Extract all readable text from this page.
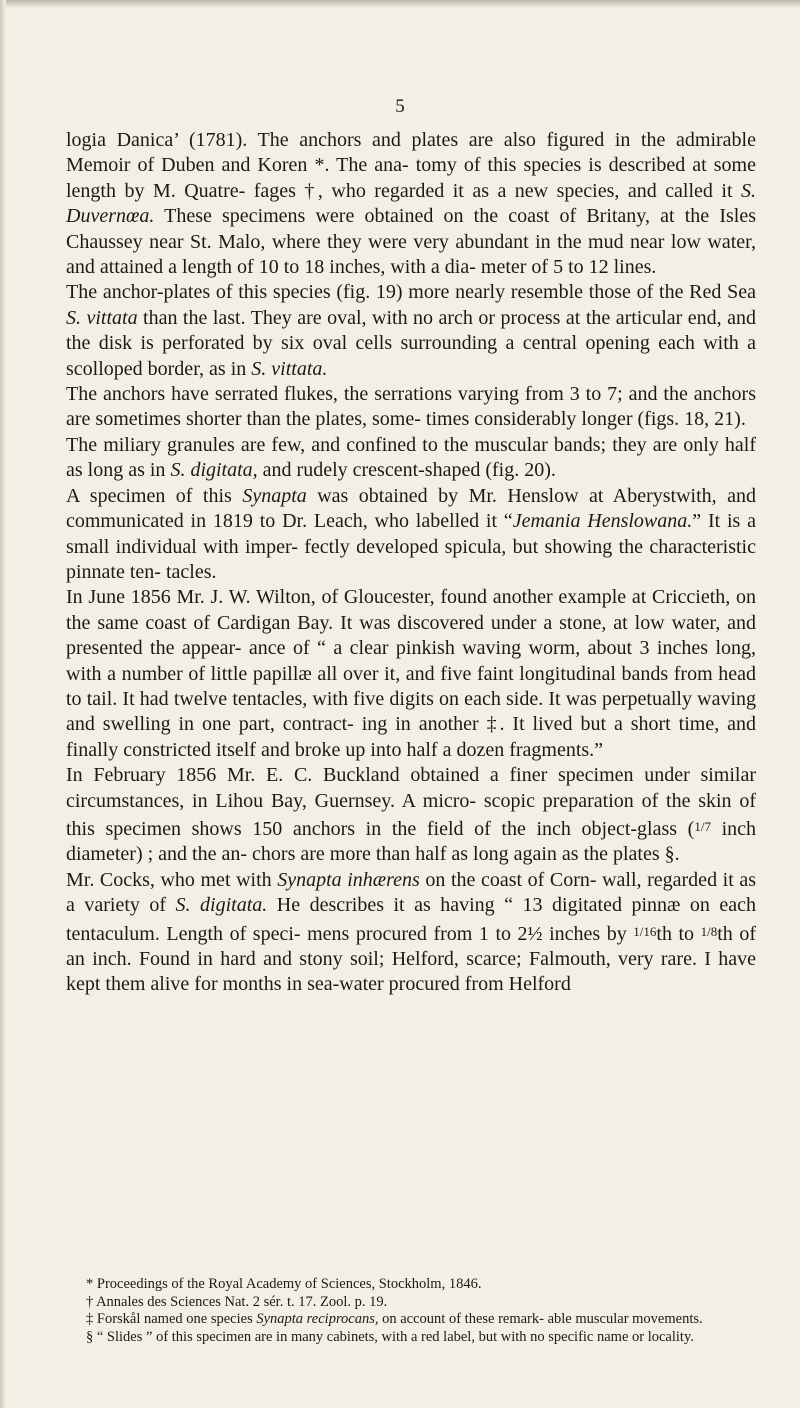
5

logia Danica’ (1781). The anchors and plates are also figured in the admirable Memoir of Duben and Koren *. The ana- tomy of this species is described at some length by M. Quatre- fages †, who regarded it as a new species, and called it S. Duvernœa. These specimens were obtained on the coast of Britany, at the Isles Chaussey near St. Malo, where they were very abundant in the mud near low water, and attained a length of 10 to 18 inches, with a dia- meter of 5 to 12 lines.

The anchor-plates of this species (fig. 19) more nearly resemble those of the Red Sea S. vittata than the last. They are oval, with no arch or process at the articular end, and the disk is perforated by six oval cells surrounding a central opening each with a scolloped border, as in S. vittata.

The anchors have serrated flukes, the serrations varying from 3 to 7; and the anchors are sometimes shorter than the plates, some- times considerably longer (figs. 18, 21).

The miliary granules are few, and confined to the muscular bands; they are only half as long as in S. digitata, and rudely crescent-shaped (fig. 20).

A specimen of this Synapta was obtained by Mr. Henslow at Aberystwith, and communicated in 1819 to Dr. Leach, who labelled it “Jemania Henslowana.” It is a small individual with imper- fectly developed spicula, but showing the characteristic pinnate ten- tacles.

In June 1856 Mr. J. W. Wilton, of Gloucester, found another example at Criccieth, on the same coast of Cardigan Bay. It was discovered under a stone, at low water, and presented the appear- ance of “ a clear pinkish waving worm, about 3 inches long, with a number of little papillæ all over it, and five faint longitudinal bands from head to tail. It had twelve tentacles, with five digits on each side. It was perpetually waving and swelling in one part, contract- ing in another ‡. It lived but a short time, and finally constricted itself and broke up into half a dozen fragments.”

In February 1856 Mr. E. C. Buckland obtained a finer specimen under similar circumstances, in Lihou Bay, Guernsey. A micro- scopic preparation of the skin of this specimen shows 150 anchors in the field of the inch object-glass ($^{1/7}$ inch diameter) ; and the an- chors are more than half as long again as the plates §.

Mr. Cocks, who met with Synapta inhærens on the coast of Corn- wall, regarded it as a variety of S. digitata. He describes it as having “ 13 digitated pinnæ on each tentaculum. Length of speci- mens procured from 1 to 2½ inches by $^{1/16}$th to $^{1/8}$th of an inch. Found in hard and stony soil; Helford, scarce; Falmouth, very rare. I have kept them alive for months in sea-water procured from Helford

* Proceedings of the Royal Academy of Sciences, Stockholm, 1846.

† Annales des Sciences Nat. 2 sér. t. 17. Zool. p. 19.

‡ Forskål named one species Synapta reciprocans, on account of these remark- able muscular movements.

§ “ Slides ” of this specimen are in many cabinets, with a red label, but with no specific name or locality.
